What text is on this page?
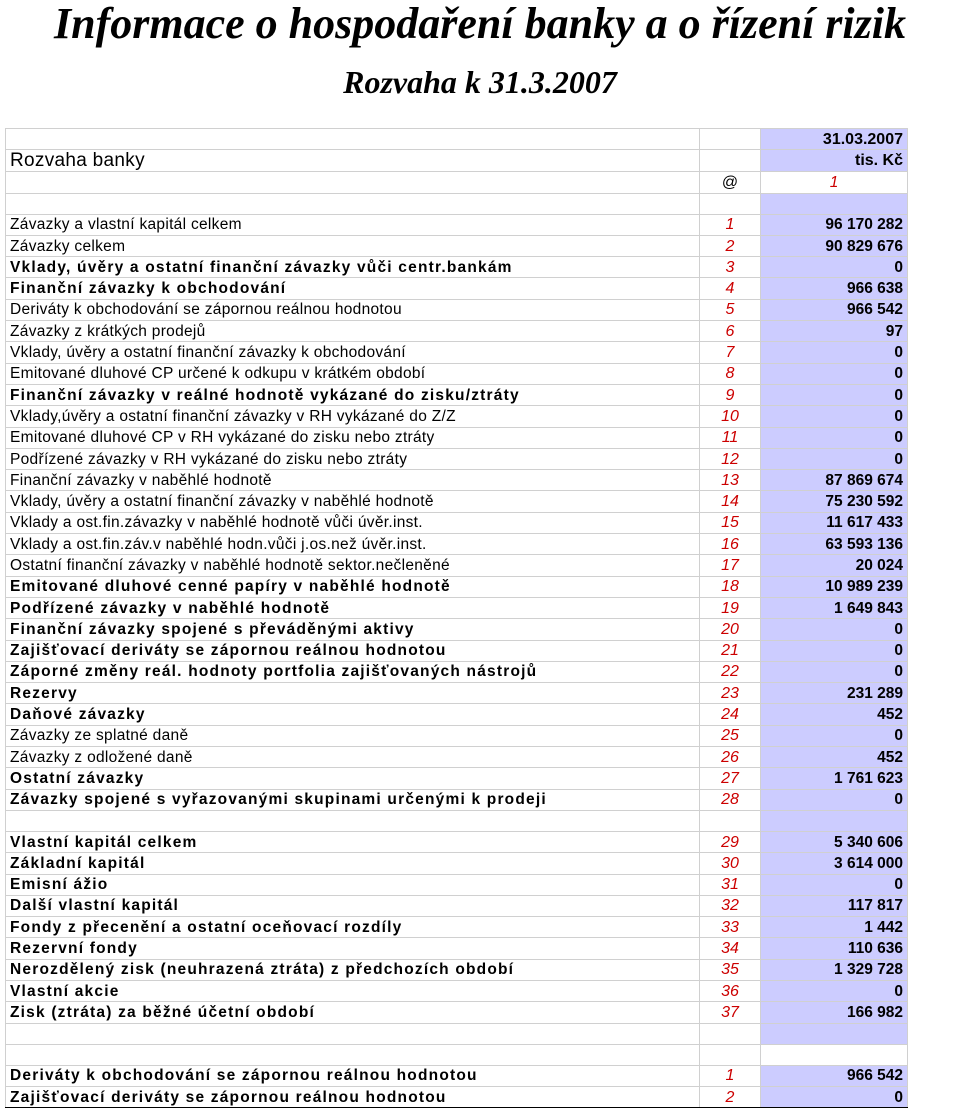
Informace o hospodaření banky a o řízení rizik
Rozvaha k 31.3.2007
		31.03.2007
Rozvaha banky		tis. Kč
	@	1

Závazky a vlastní kapitál celkem	1	96 170 282
Závazky celkem	2	90 829 676
Vklady, úvěry a ostatní finanční závazky vůči centr.bankám	3	0
Finanční závazky k obchodování	4	966 638
Deriváty k obchodování se zápornou reálnou hodnotou	5	966 542
Závazky z krátkých prodejů	6	97
Vklady, úvěry a ostatní finanční závazky k obchodování	7	0
Emitované dluhové CP určené k odkupu v krátkém období	8	0
Finanční závazky v reálné hodnotě vykázané do zisku/ztráty	9	0
Vklady,úvěry a ostatní finanční závazky v RH vykázané do Z/Z	10	0
Emitované dluhové CP v RH vykázané do zisku nebo ztráty	11	0
Podřízené závazky v RH vykázané do zisku nebo ztráty	12	0
Finanční závazky v naběhlé hodnotě	13	87 869 674
Vklady, úvěry a ostatní finanční závazky v naběhlé hodnotě	14	75 230 592
Vklady a ost.fin.závazky v naběhlé hodnotě vůči úvěr.inst.	15	11 617 433
Vklady a ost.fin.záv.v naběhlé hodn.vůči j.os.než úvěr.inst.	16	63 593 136
Ostatní finanční závazky v naběhlé hodnotě sektor.nečleněné	17	20 024
Emitované dluhové cenné papíry v naběhlé hodnotě	18	10 989 239
Podřízené závazky v naběhlé hodnotě	19	1 649 843
Finanční závazky spojené s převáděnými aktivy	20	0
Zajišťovací deriváty se zápornou reálnou hodnotou	21	0
Záporné změny reál. hodnoty portfolia zajišťovaných nástrojů	22	0
Rezervy	23	231 289
Daňové závazky	24	452
Závazky ze splatné daně	25	0
Závazky z odložené daně	26	452
Ostatní závazky	27	1 761 623
Závazky spojené s vyřazovanými skupinami určenými k prodeji	28	0

Vlastní kapitál celkem	29	5 340 606
Základní kapitál	30	3 614 000
Emisní ážio	31	0
Další vlastní kapitál	32	117 817
Fondy z přecenění a ostatní oceňovací rozdíly	33	1 442
Rezervní fondy	34	110 636
Nerozdělený zisk (neuhrazená ztráta) z předchozích období	35	1 329 728
Vlastní akcie	36	0
Zisk (ztráta) za běžné účetní období	37	166 982

Deriváty k obchodování se zápornou reálnou hodnotou	1	966 542
Zajišťovací deriváty se zápornou reálnou hodnotou	2	0
